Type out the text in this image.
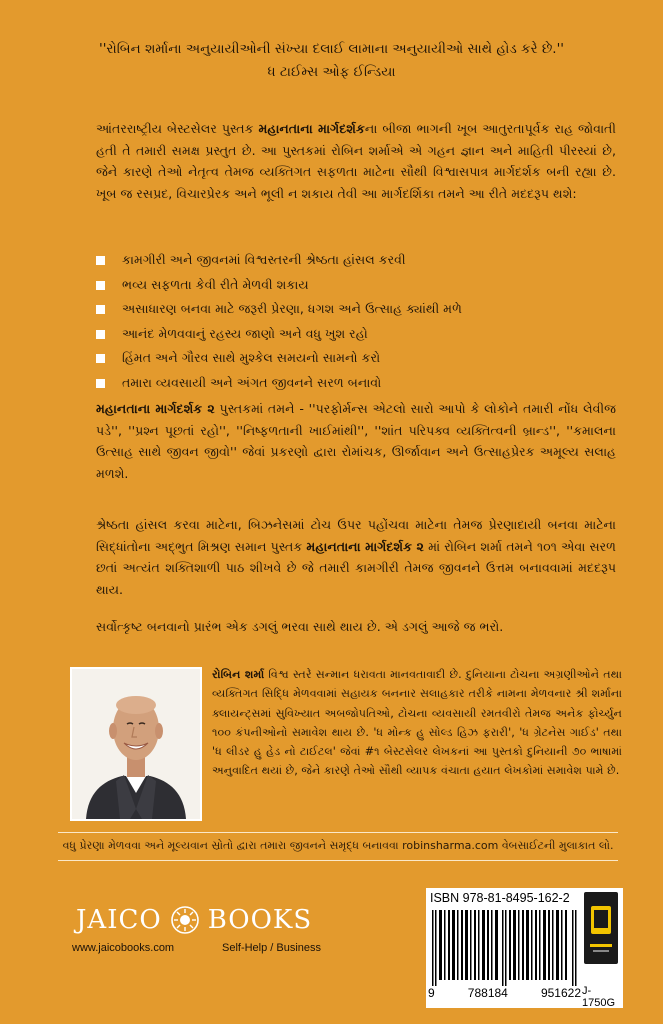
''રોબિન શર્માના અનુયાયીઓની સંખ્યા દલાઈ લામાના અનુયાયીઓ સાથે હોડ કરે છે.''
ધ ટાઈમ્સ ઓફ ઈન્ડિયા
આંતરરાષ્ટ્રીય બેસ્ટસેલર પુસ્તક મહાનતાના માર્ગદર્શકના બીજા ભાગની ખૂબ આતુરતાપૂર્વક રાહ જોવાતી હતી તે તમારી સમક્ષ પ્રસ્તુત છે. આ પુસ્તકમાં રોબિન શર્માએ એ ગહન જ્ઞાન અને માહિતી પીરસ્યાં છે, જેને કારણે તેઓ નેતૃત્વ તેમજ વ્યક્તિગત સફળતા માટેના સૌથી વિશ્વાસપાત્ર માર્ગદર્શક બની રહ્યા છે. ખૂબ જ રસપ્રદ, વિચારપ્રેરક અને ભૂલી ન શકાય તેવી આ માર્ગદર્શિકા તમને આ રીતે મદદરૂપ થશે:
કામગીરી અને જીવનમાં વિશ્વસ્તરની શ્રેષ્ઠતા હાંસલ કરવી
ભવ્ય સફળતા કેવી રીતે મેળવી શકાય
અસાધારણ બનવા માટે જરૂરી પ્રેરણા, ધગશ અને ઉત્સાહ ક્યાંથી મળે
આનંદ મેળવવાનું રહસ્ય જાણો અને વધુ ખુશ રહો
હિંમત અને ગૌરવ સાથે મુશ્કેલ સમયનો સામનો કરો
તમારા વ્યવસાયી અને અંગત જીવનને સરળ બનાવો
મહાનતાના માર્ગદર્શક ૨ પુસ્તકમાં તમને - ''પરફોર્મન્સ એટલો સારો આપો કે લોકોને તમારી નોંધ લેવીજ પડે'', ''પ્રશ્ન પૂછતાં રહો'', ''નિષ્ફળતાની ખાઈમાંથી'', ''શાંત પરિપક્વ વ્યક્તિત્વની બ્રાન્ડ'', ''કમાલના ઉત્સાહ સાથે જીવન જીવો'' જેવાં પ્રકરણો દ્વારા રોમાંચક, ઊર્જાવાન અને ઉત્સાહપ્રેરક અમૂલ્ય સલાહ મળશે.
શ્રેષ્ઠતા હાંસલ કરવા માટેના, બિઝનેસમાં ટોચ ઉપર પહોંચવા માટેના તેમજ પ્રેરણાદાયી બનવા માટેના સિદ્ધાંતોના અદ્ભુત મિશ્રણ સમાન પુસ્તક મહાનતાના માર્ગદર્શક ૨ માં રોબિન શર્મા તમને ૧૦૧ એવા સરળ છતાં અત્યંત શક્તિશાળી પાઠ શીખવે છે જે તમારી કામગીરી તેમજ જીવનને ઉત્તમ બનાવવામાં મદદરૂપ થાય.
સર્વોત્કૃષ્ટ બનવાનો પ્રારંભ એક ડગલું ભરવા સાથે થાય છે. એ ડગલું આજે જ ભરો.
રોબિન શર્મા વિશ્વ સ્તરે સન્માન ધરાવતા માનવતાવાદી છે. દુનિયાના ટોચના અગ્રણીઓને તથા વ્યક્તિગત સિદ્ધિ મેળવવામાં સહાયક બનનાર સલાહકાર તરીકે નામના મેળવનાર શ્રી શર્માના ક્લાયન્ટ્સમાં સુવિખ્યાત અબજોપતિઓ, ટોચના વ્યવસાયી રમતવીરો તેમજ અનેક ફોર્ચ્યુન ૧૦૦ કંપનીઓનો સમાવેશ થાય છે. 'ધ મોન્ક હુ સોલ્ડ હિઝ ફરારી', 'ધ ગ્રેટનેસ ગાઈડ' તથા 'ધ લીડર હુ હેડ નો ટાઈટલ' જેવાં #૧ બેસ્ટસેલર લેખકનાં આ પુસ્તકો દુનિયાની ૭૦ ભાષામાં અનુવાદિત થયાં છે, જેને કારણે તેઓ સૌથી વ્યાપક વંચાતા હયાત લેખકોમાં સમાવેશ પામે છે.
વધુ પ્રેરણા મેળવવા અને મૂલ્યવાન સ્રોતો દ્વારા તમારા જીવનને સમૃદ્ધ બનાવવા robinsharma.com વેબસાઈટની મુલાકાત લો.
JAICO BOOKS
www.jaicobooks.com	Self-Help / Business
ISBN 978-81-8495-162-2
9	788184	951622 J-1750G
